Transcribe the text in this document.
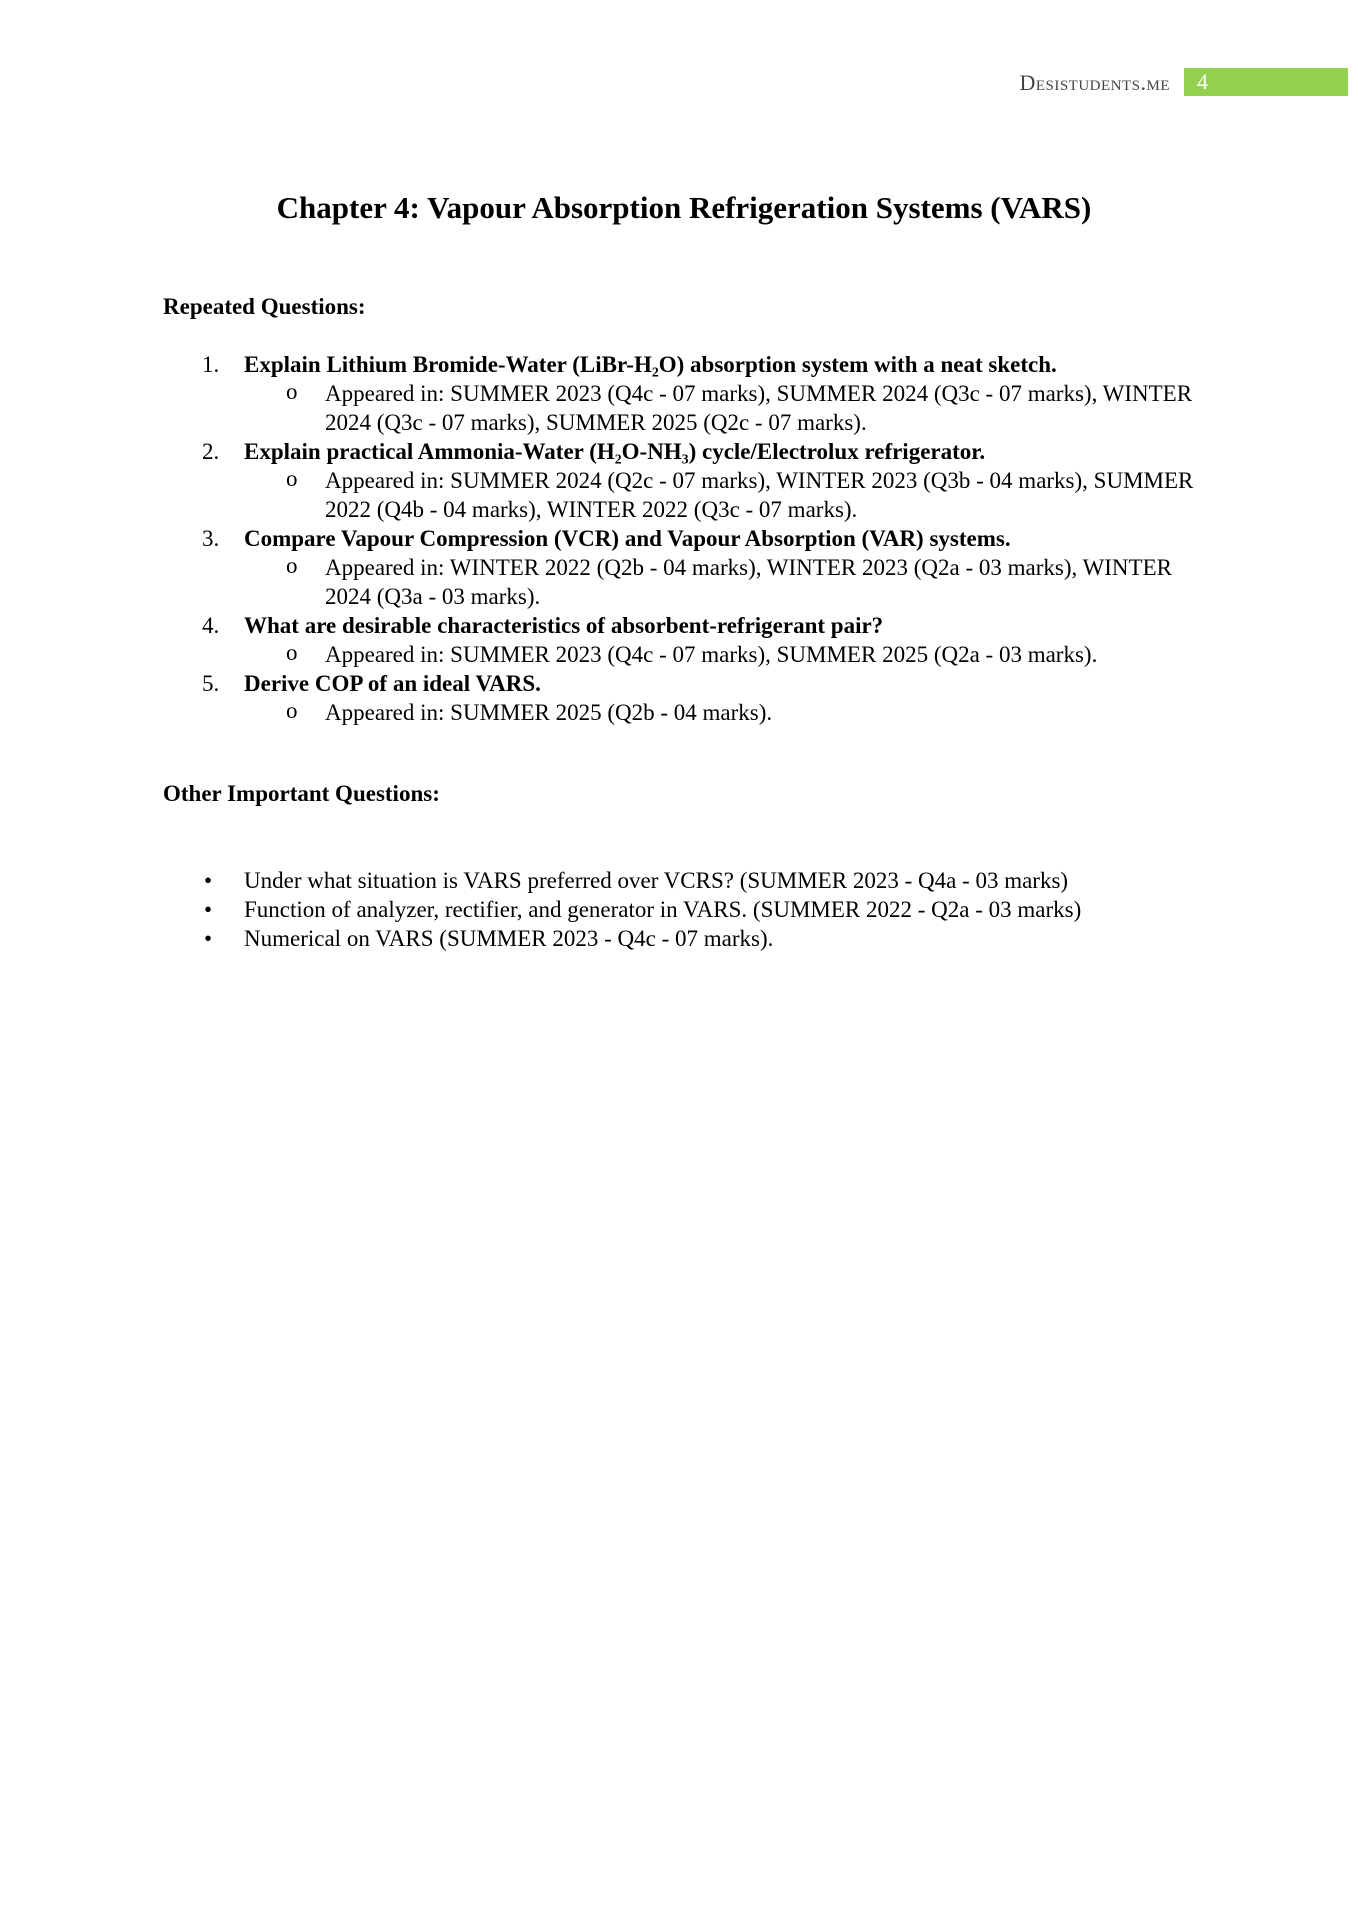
Desistudents.me	4
Chapter 4: Vapour Absorption Refrigeration Systems (VARS)
Repeated Questions:
1. Explain Lithium Bromide-Water (LiBr-H₂O) absorption system with a neat sketch.
o Appeared in: SUMMER 2023 (Q4c - 07 marks), SUMMER 2024 (Q3c - 07 marks), WINTER 2024 (Q3c - 07 marks), SUMMER 2025 (Q2c - 07 marks).
2. Explain practical Ammonia-Water (H₂O-NH₃) cycle/Electrolux refrigerator.
o Appeared in: SUMMER 2024 (Q2c - 07 marks), WINTER 2023 (Q3b - 04 marks), SUMMER 2022 (Q4b - 04 marks), WINTER 2022 (Q3c - 07 marks).
3. Compare Vapour Compression (VCR) and Vapour Absorption (VAR) systems.
o Appeared in: WINTER 2022 (Q2b - 04 marks), WINTER 2023 (Q2a - 03 marks), WINTER 2024 (Q3a - 03 marks).
4. What are desirable characteristics of absorbent-refrigerant pair?
o Appeared in: SUMMER 2023 (Q4c - 07 marks), SUMMER 2025 (Q2a - 03 marks).
5. Derive COP of an ideal VARS.
o Appeared in: SUMMER 2025 (Q2b - 04 marks).
Other Important Questions:
• Under what situation is VARS preferred over VCRS? (SUMMER 2023 - Q4a - 03 marks)
• Function of analyzer, rectifier, and generator in VARS. (SUMMER 2022 - Q2a - 03 marks)
• Numerical on VARS (SUMMER 2023 - Q4c - 07 marks).
